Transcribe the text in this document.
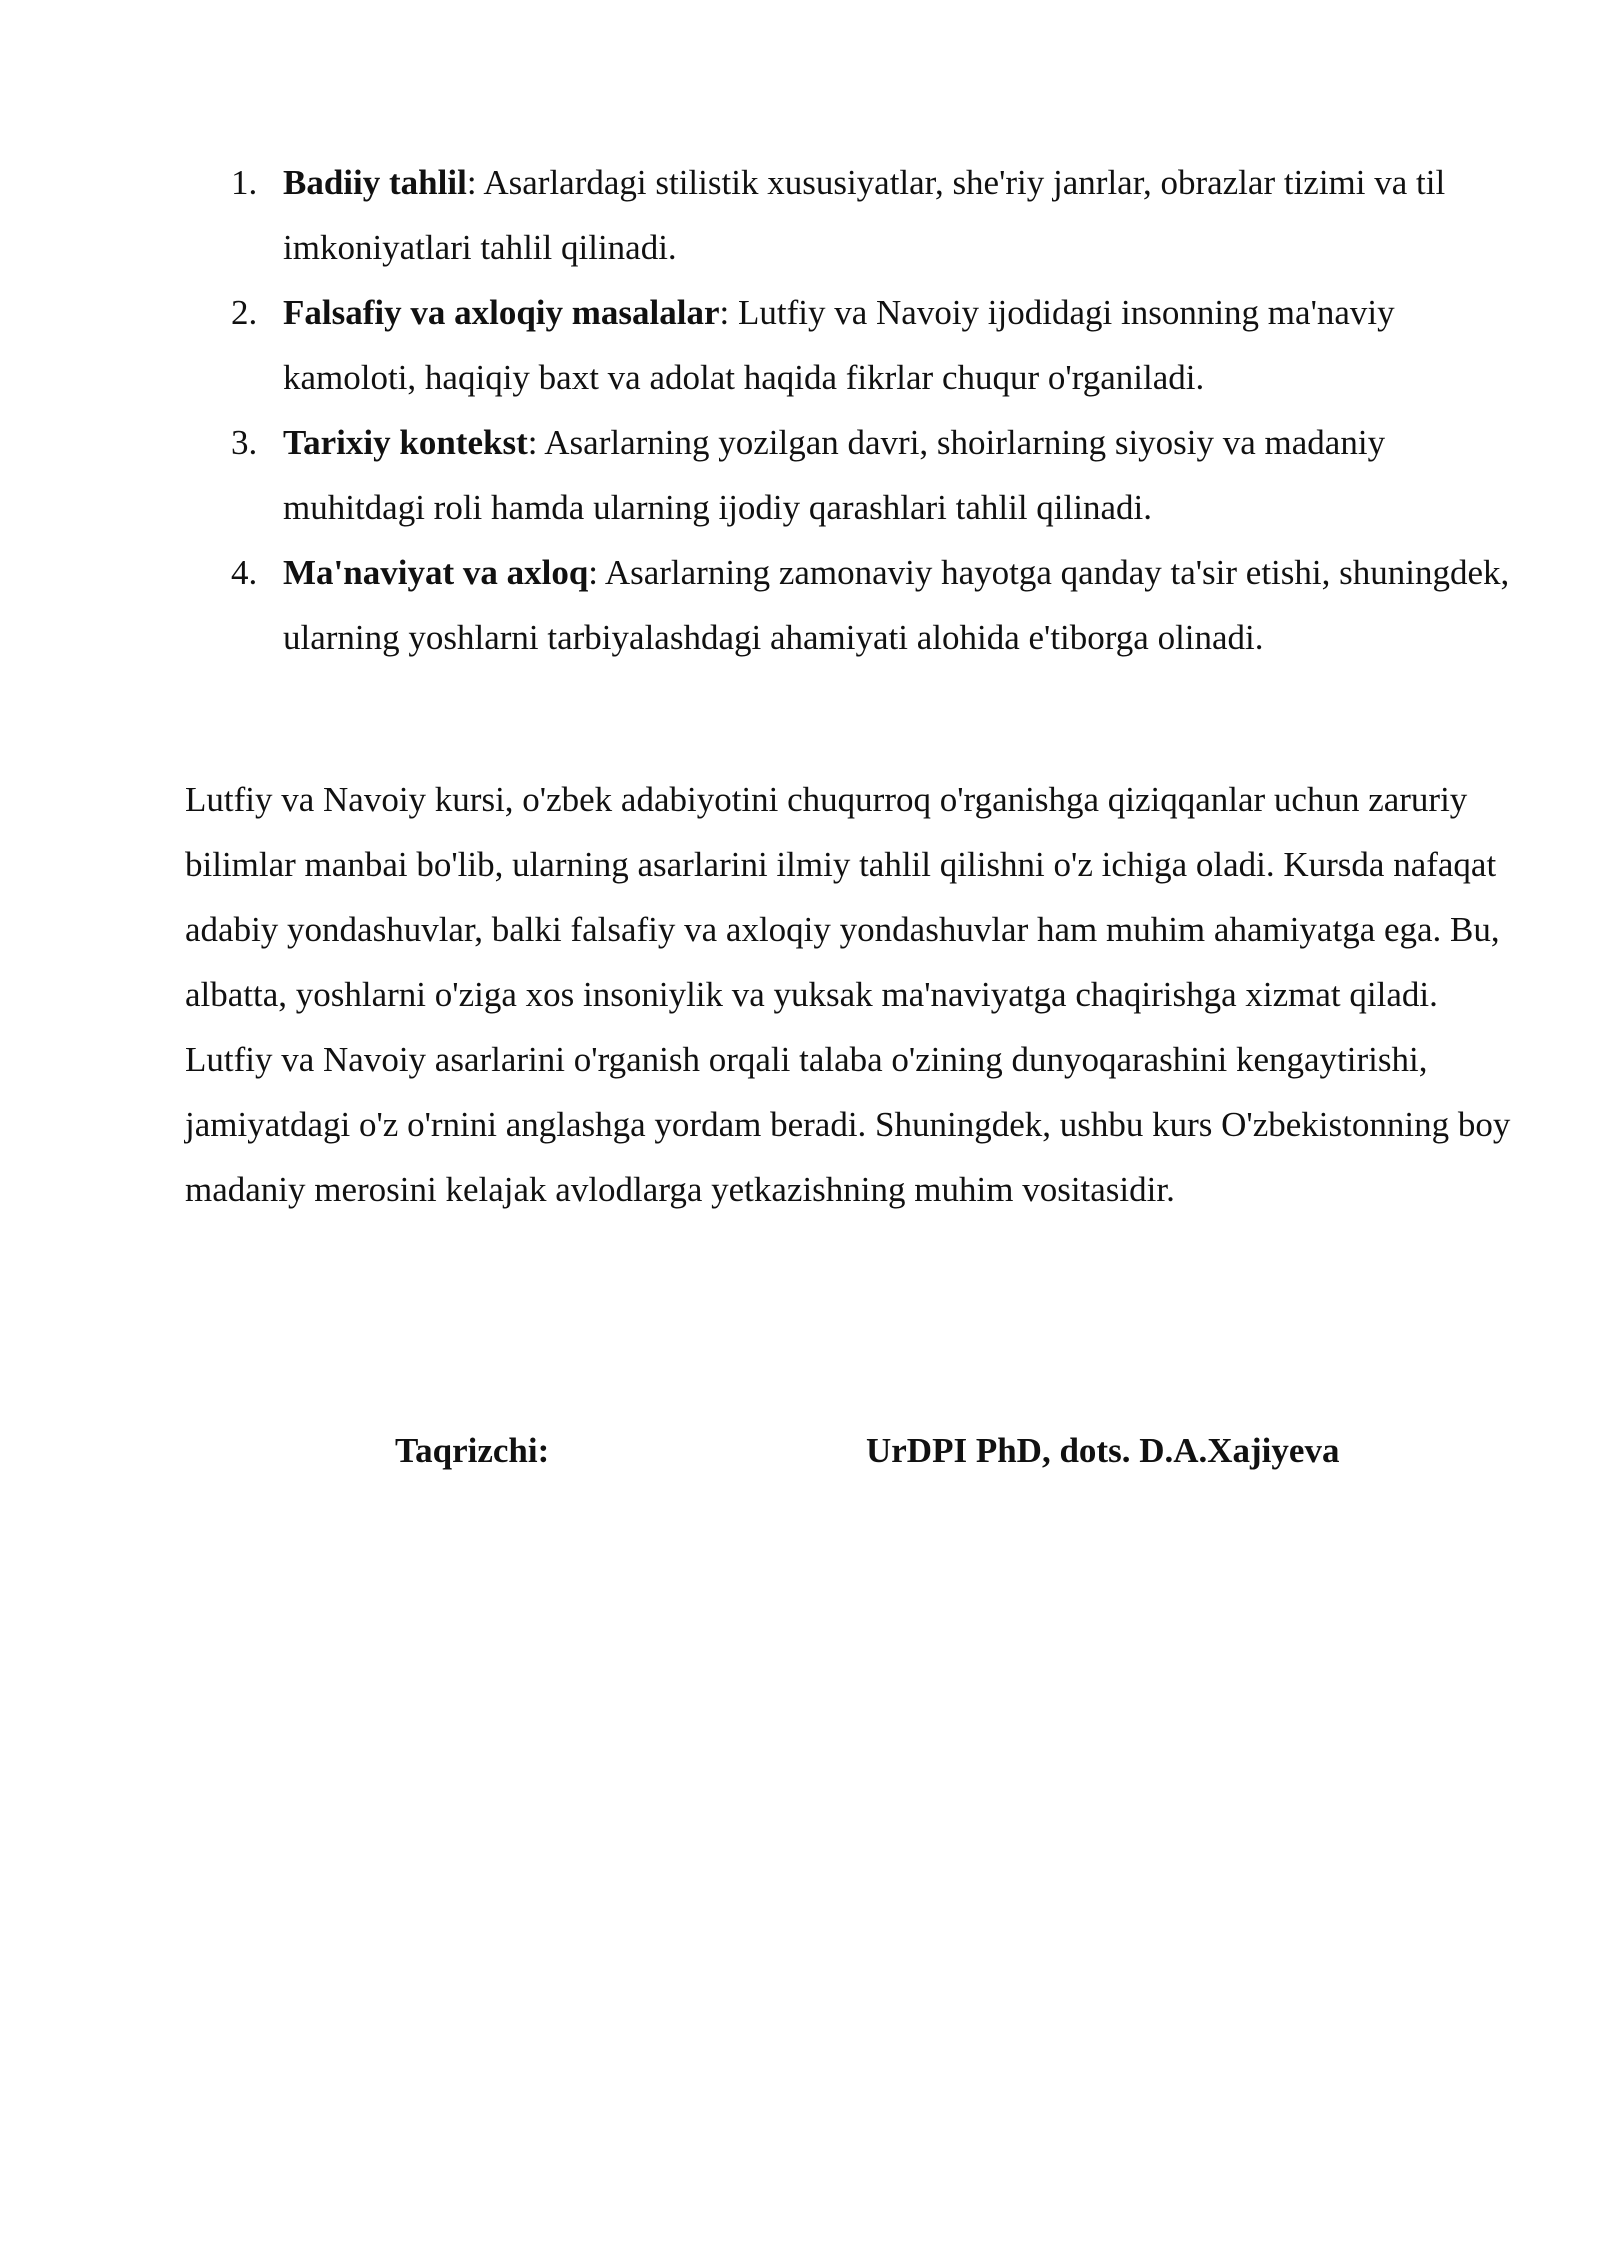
1. Badiiy tahlil: Asarlardagi stilistik xususiyatlar, she'riy janrlar, obrazlar tizimi va til imkoniyatlari tahlil qilinadi.
2. Falsafiy va axloqiy masalalar: Lutfiy va Navoiy ijodidagi insonning ma'naviy kamoloti, haqiqiy baxt va adolat haqida fikrlar chuqur o'rganiladi.
3. Tarixiy kontekst: Asarlarning yozilgan davri, shoirlarning siyosiy va madaniy muhitdagi roli hamda ularning ijodiy qarashlari tahlil qilinadi.
4. Ma'naviyat va axloq: Asarlarning zamonaviy hayotga qanday ta'sir etishi, shuningdek, ularning yoshlarni tarbiyalashdagi ahamiyati alohida e'tiborga olinadi.

Lutfiy va Navoiy kursi, o'zbek adabiyotini chuqurroq o'rganishga qiziqqanlar uchun zaruriy bilimlar manbai bo'lib, ularning asarlarini ilmiy tahlil qilishni o'z ichiga oladi. Kursda nafaqat adabiy yondashuvlar, balki falsafiy va axloqiy yondashuvlar ham muhim ahamiyatga ega. Bu, albatta, yoshlarni o'ziga xos insoniylik va yuksak ma'naviyatga chaqirishga xizmat qiladi. Lutfiy va Navoiy asarlarini o'rganish orqali talaba o'zining dunyoqarashini kengaytirishi, jamiyatdagi o'z o'rnini anglashga yordam beradi. Shuningdek, ushbu kurs O'zbekistonning boy madaniy merosini kelajak avlodlarga yetkazishning muhim vositasidir.

Taqrizchi:	UrDPI PhD, dots. D.A.Xajiyeva
